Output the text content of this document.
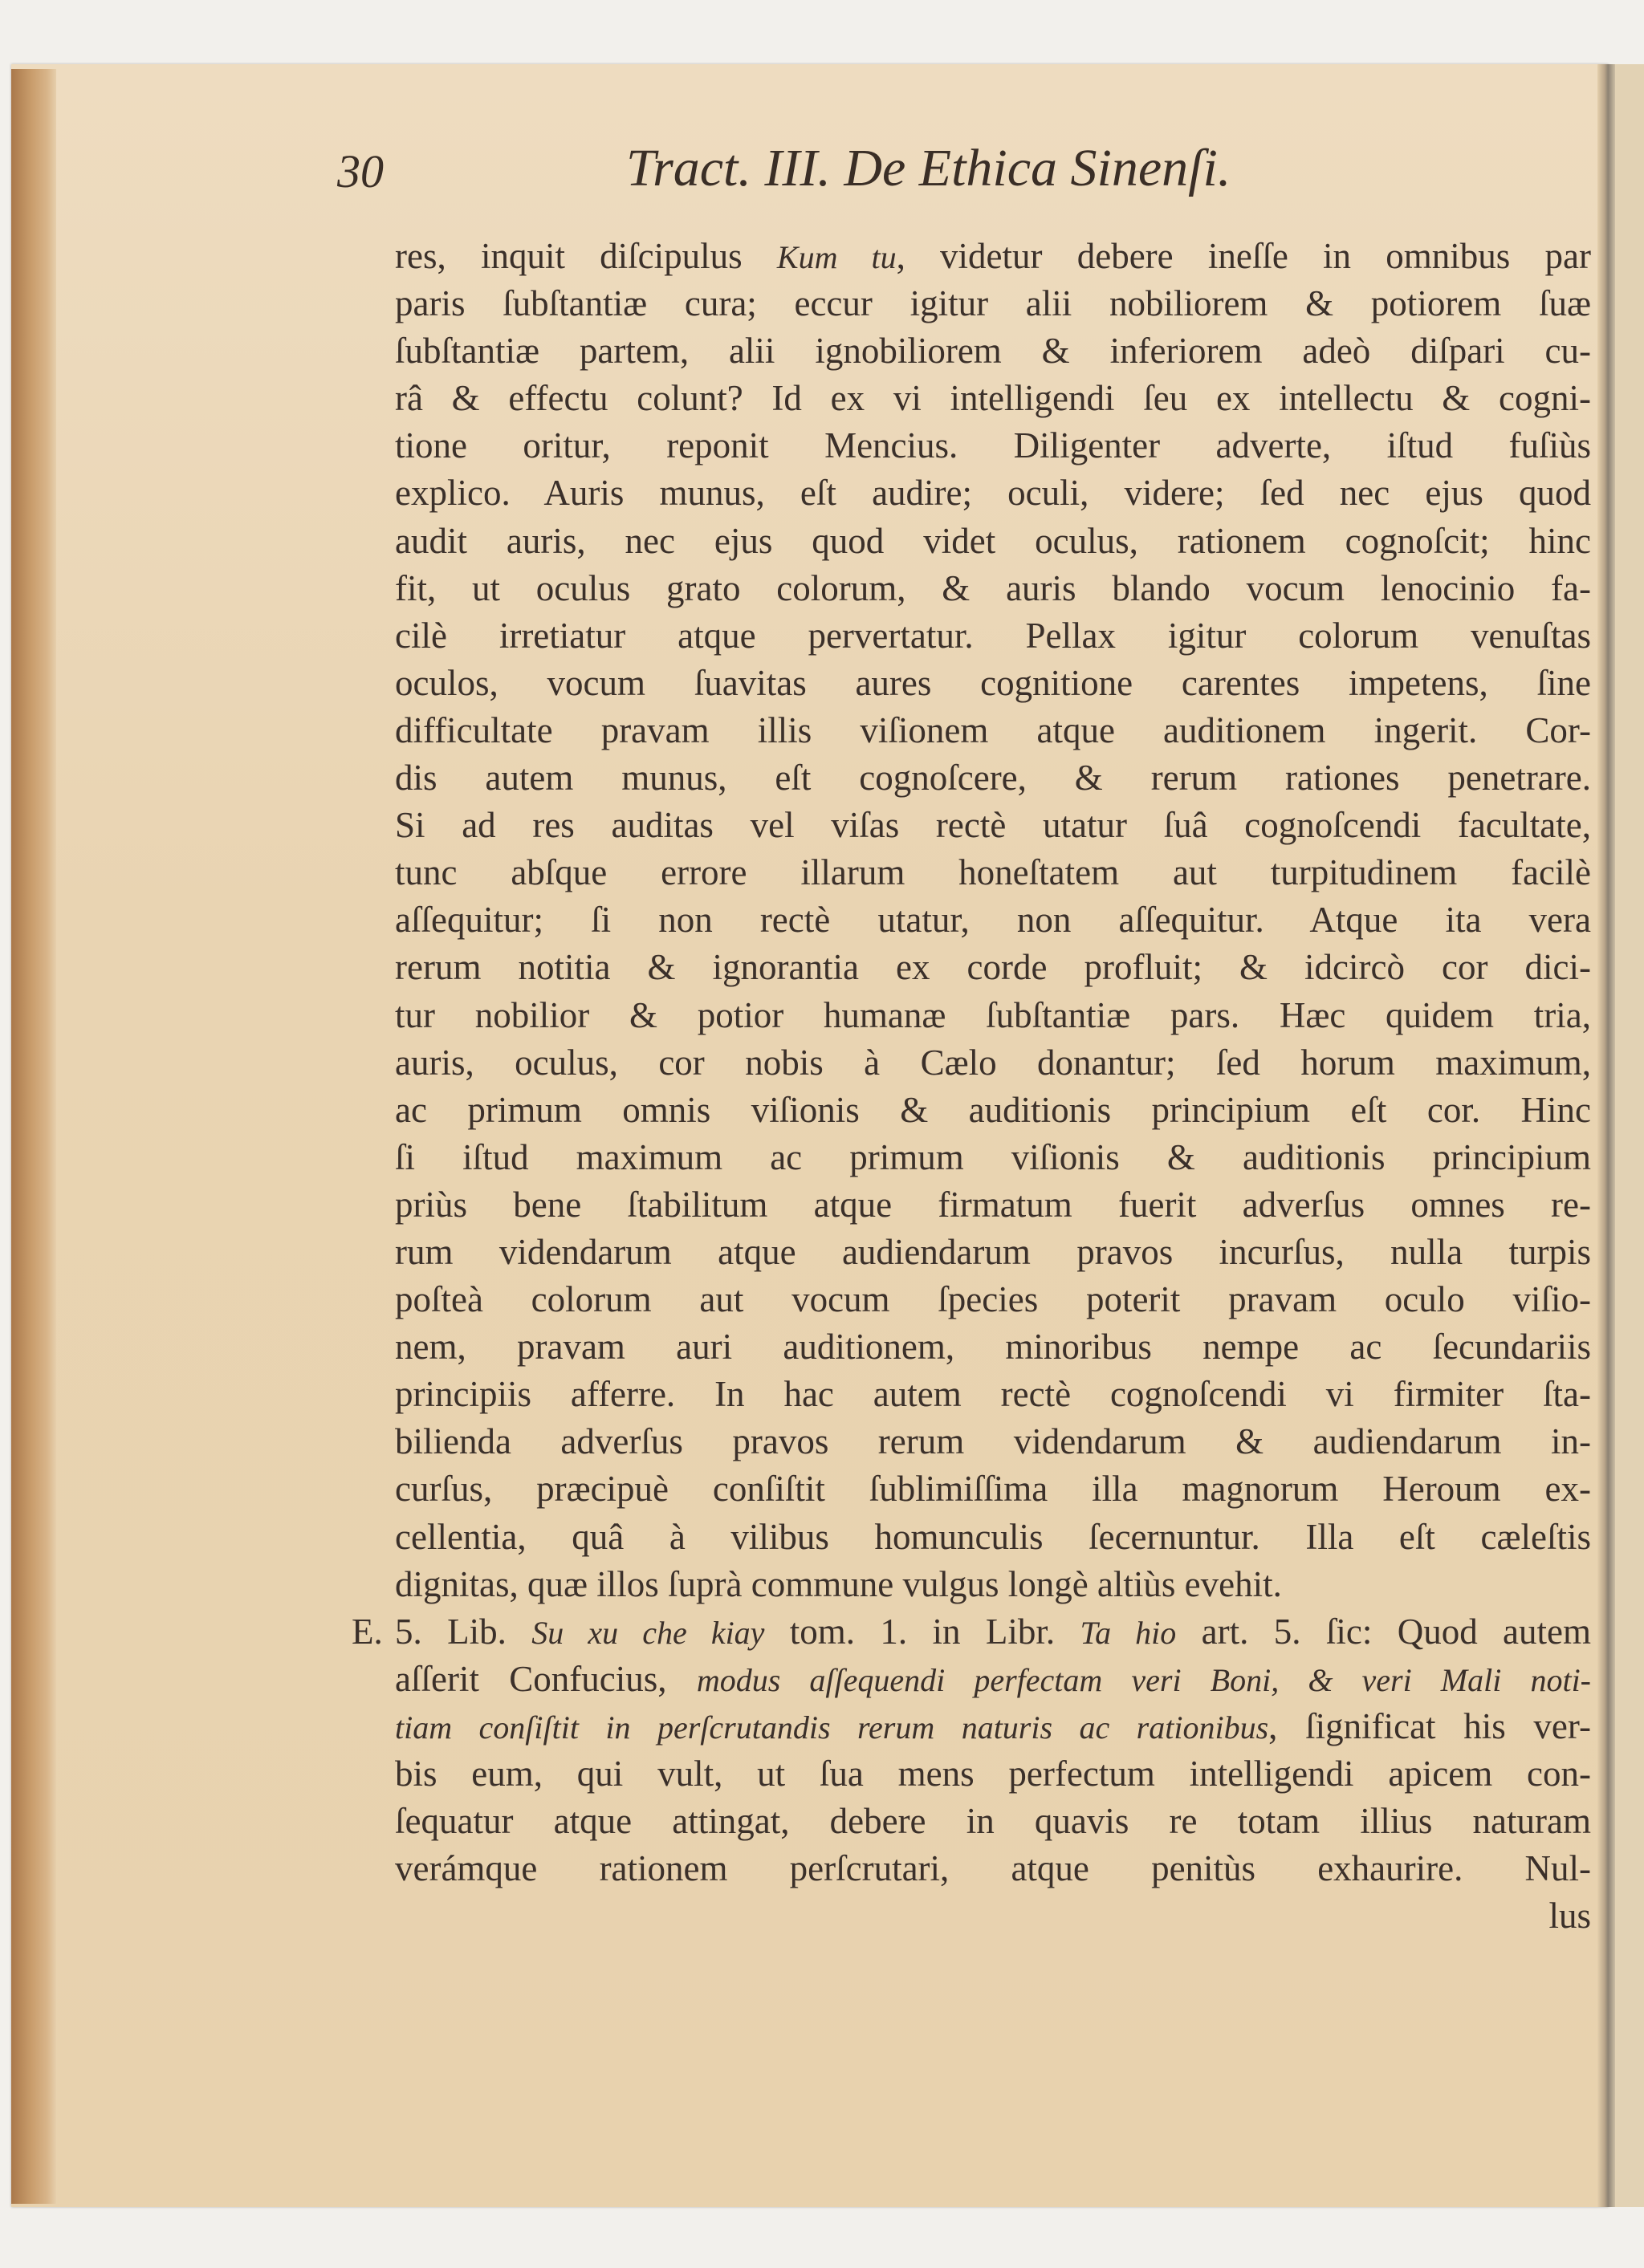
30	Tract. III. De Ethica Sinenſi.
E.
res, inquit diſcipulus Kum tu, videtur debere ineſſe in omnibus par
paris ſubſtantiæ cura; eccur igitur alii nobiliorem & potiorem ſuæ
ſubſtantiæ partem, alii ignobiliorem & inferiorem adeò diſpari cu-
râ & effectu colunt? Id ex vi intelligendi ſeu ex intellectu & cogni-
tione oritur, reponit Mencius. Diligenter adverte, iſtud fuſiùs
explico. Auris munus, eſt audire; oculi, videre; ſed nec ejus quod
audit auris, nec ejus quod videt oculus, rationem cognoſcit; hinc
fit, ut oculus grato colorum, & auris blando vocum lenocinio fa-
cilè irretiatur atque pervertatur. Pellax igitur colorum venuſtas
oculos, vocum ſuavitas aures cognitione carentes impetens, ſine
difficultate pravam illis viſionem atque auditionem ingerit. Cor-
dis autem munus, eſt cognoſcere, & rerum rationes penetrare.
Si ad res auditas vel viſas rectè utatur ſuâ cognoſcendi facultate,
tunc abſque errore illarum honeſtatem aut turpitudinem facilè
aſſequitur; ſi non rectè utatur, non aſſequitur. Atque ita vera
rerum notitia & ignorantia ex corde profluit; & idcircò cor dici-
tur nobilior & potior humanæ ſubſtantiæ pars. Hæc quidem tria,
auris, oculus, cor nobis à Cælo donantur; ſed horum maximum,
ac primum omnis viſionis & auditionis principium eſt cor. Hinc
ſi iſtud maximum ac primum viſionis & auditionis principium
priùs bene ſtabilitum atque firmatum fuerit adverſus omnes re-
rum videndarum atque audiendarum pravos incurſus, nulla turpis
poſteà colorum aut vocum ſpecies poterit pravam oculo viſio-
nem, pravam auri auditionem, minoribus nempe ac ſecundariis
principiis afferre. In hac autem rectè cognoſcendi vi firmiter ſta-
bilienda adverſus pravos rerum videndarum & audiendarum in-
curſus, præcipuè conſiſtit ſublimiſſima illa magnorum Heroum ex-
cellentia, quâ à vilibus homunculis ſecernuntur. Illa eſt cæleſtis
dignitas, quæ illos ſuprà commune vulgus longè altiùs evehit.
5. Lib. Su xu che kiay tom. 1. in Libr. Ta hio art. 5. ſic: Quod autem
aſſerit Confucius, modus aſſequendi perfectam veri Boni, & veri Mali noti-
tiam conſiſtit in perſcrutandis rerum naturis ac rationibus, ſignificat his ver-
bis eum, qui vult, ut ſua mens perfectum intelligendi apicem con-
ſequatur atque attingat, debere in quavis re totam illius naturam
verámque rationem perſcrutari, atque penitùs exhaurire. Nul-
lus
